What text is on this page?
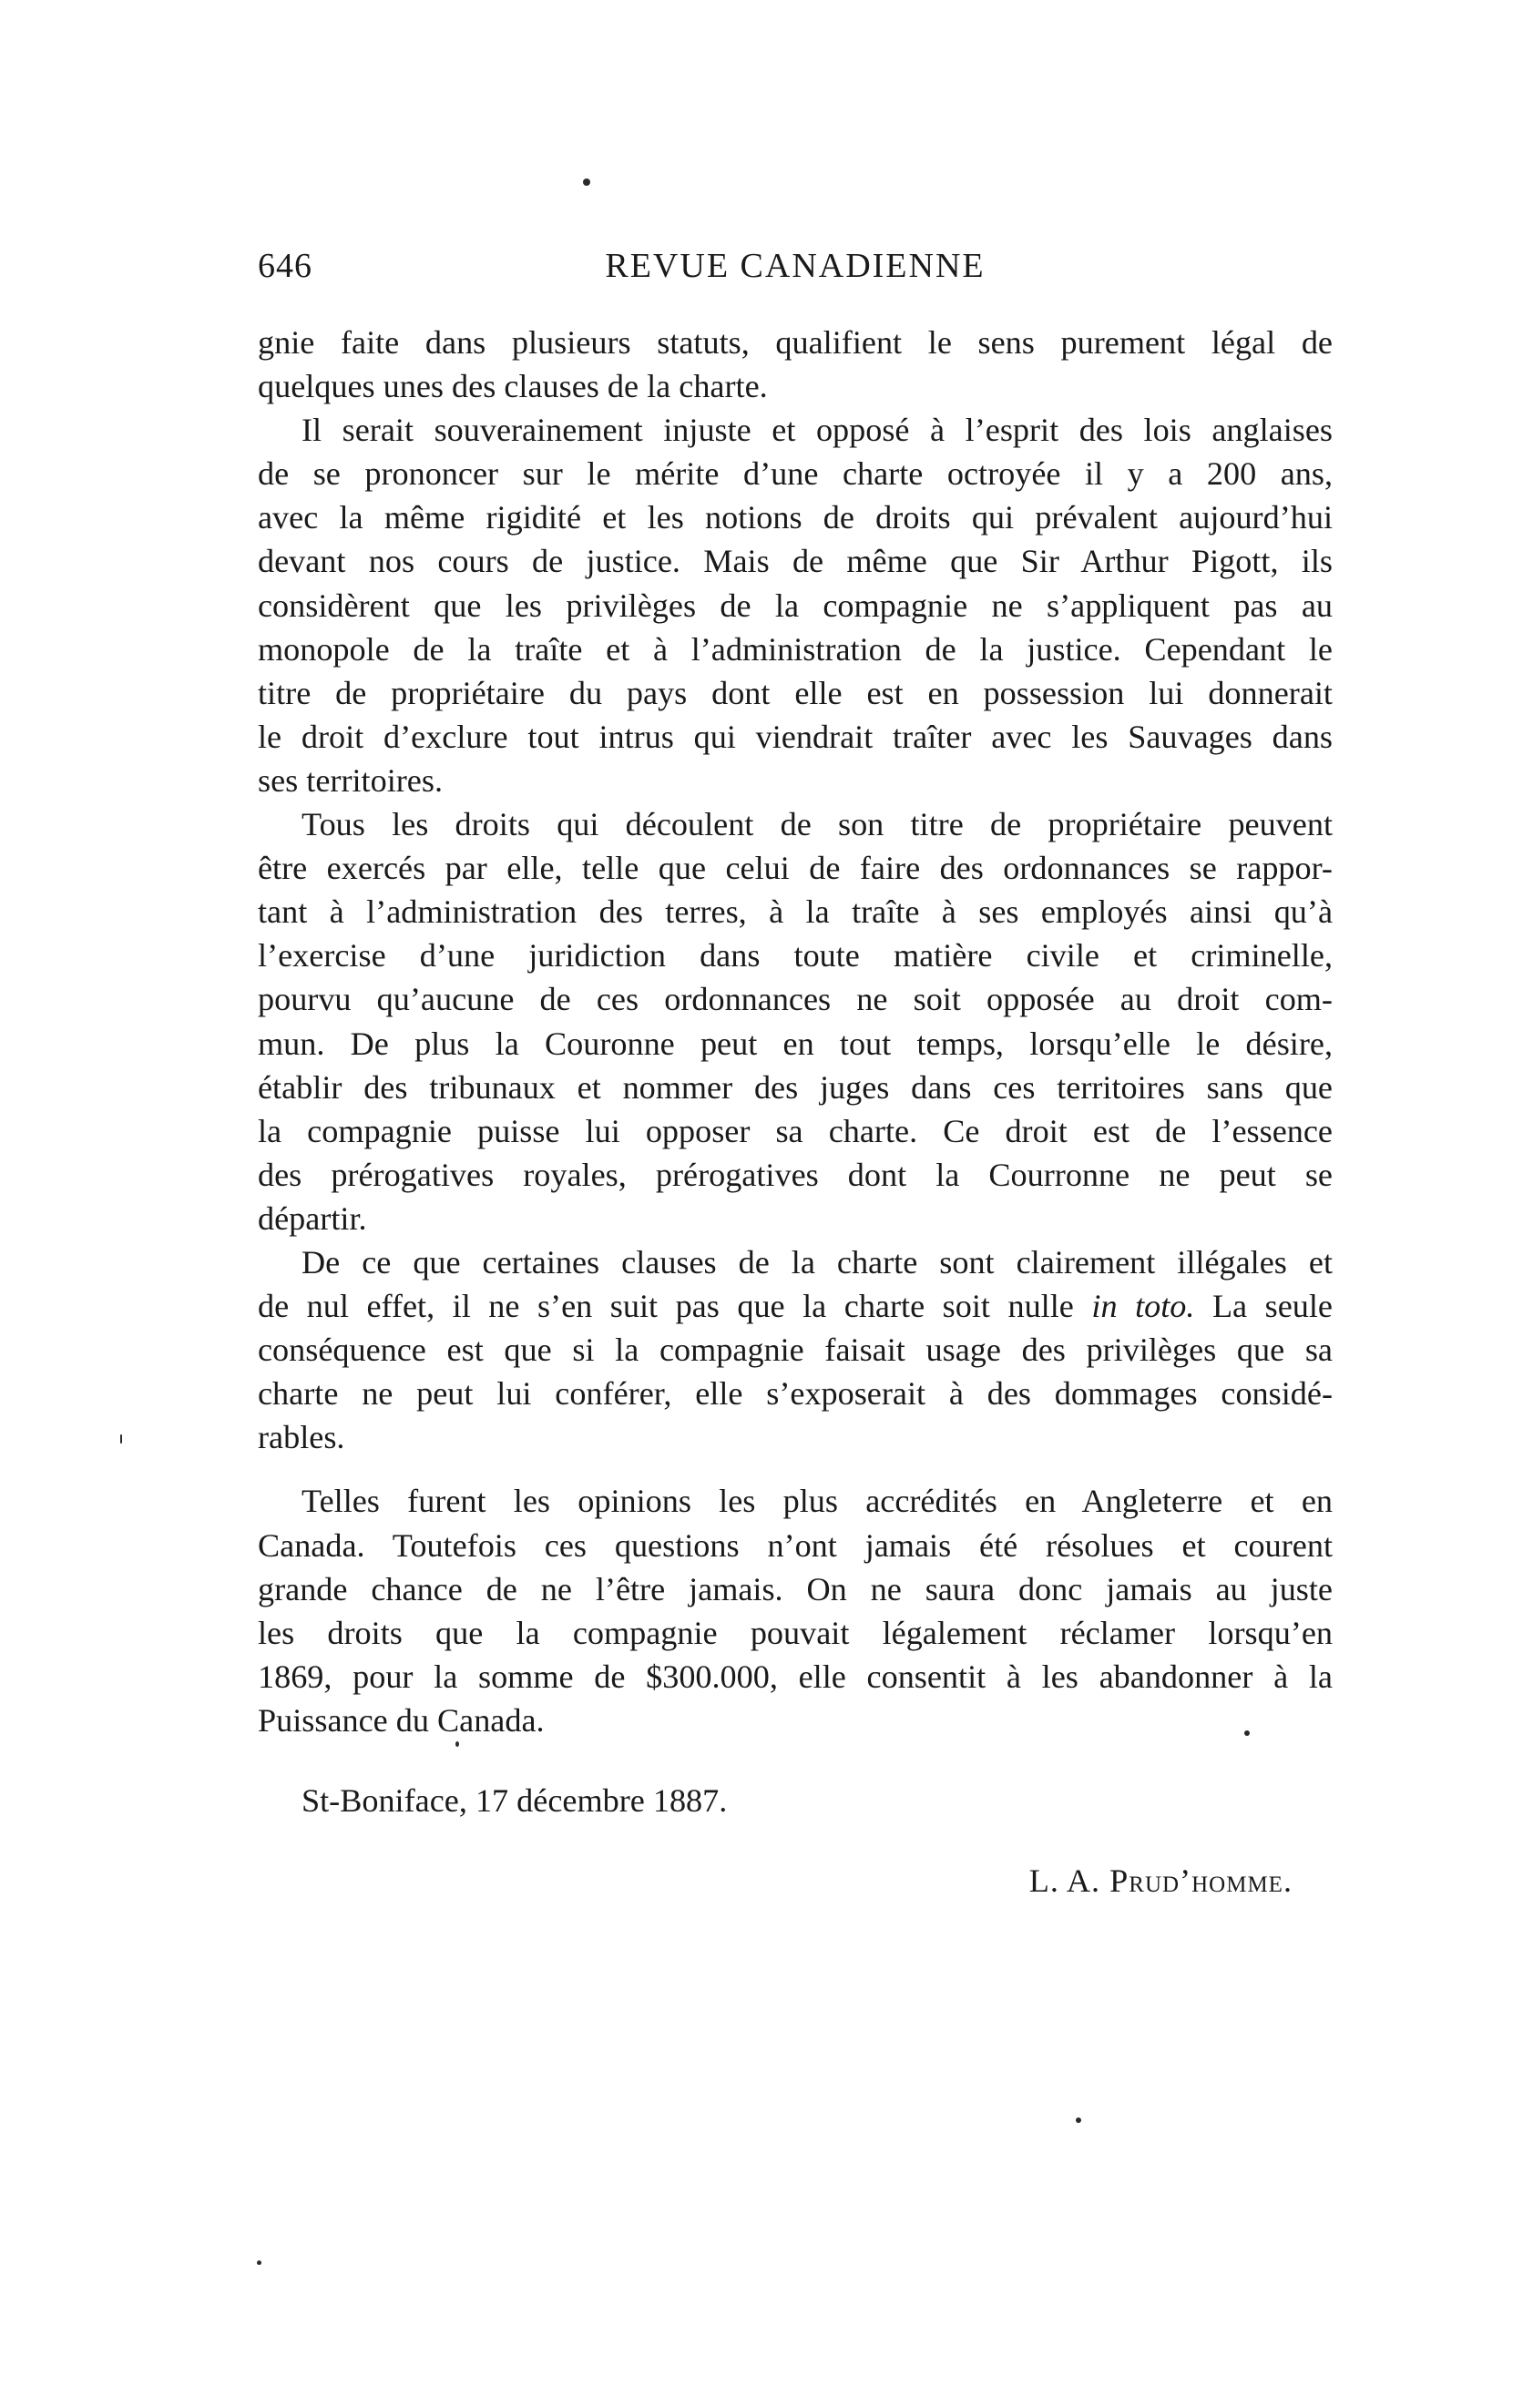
646	REVUE CANADIENNE
gnie faite dans plusieurs statuts, qualifient le sens purement légal de
quelques unes des clauses de la charte.
Il serait souverainement injuste et opposé à l’esprit des lois anglaises
de se prononcer sur le mérite d’une charte octroyée il y a 200 ans,
avec la même rigidité et les notions de droits qui prévalent aujourd’hui
devant nos cours de justice. Mais de même que Sir Arthur Pigott, ils
considèrent que les privilèges de la compagnie ne s’appliquent pas au
monopole de la traîte et à l’administration de la justice. Cependant le
titre de propriétaire du pays dont elle est en possession lui donnerait
le droit d’exclure tout intrus qui viendrait traîter avec les Sauvages dans
ses territoires.
Tous les droits qui découlent de son titre de propriétaire peuvent
être exercés par elle, telle que celui de faire des ordonnances se rappor-
tant à l’administration des terres, à la traîte à ses employés ainsi qu’à
l’exercise d’une juridiction dans toute matière civile et criminelle,
pourvu qu’aucune de ces ordonnances ne soit opposée au droit com-
mun. De plus la Couronne peut en tout temps, lorsqu’elle le désire,
établir des tribunaux et nommer des juges dans ces territoires sans que
la compagnie puisse lui opposer sa charte. Ce droit est de l’essence
des prérogatives royales, prérogatives dont la Courronne ne peut se
départir.
De ce que certaines clauses de la charte sont clairement illégales et
de nul effet, il ne s’en suit pas que la charte soit nulle in toto. La seule
conséquence est que si la compagnie faisait usage des privilèges que sa
charte ne peut lui conférer, elle s’exposerait à des dommages considé-
rables.
Telles furent les opinions les plus accrédités en Angleterre et en
Canada. Toutefois ces questions n’ont jamais été résolues et courent
grande chance de ne l’être jamais. On ne saura donc jamais au juste
les droits que la compagnie pouvait légalement réclamer lorsqu’en
1869, pour la somme de $300.000, elle consentit à les abandonner à la
Puissance du Canada.
St-Boniface, 17 décembre 1887.
L. A. Prud’homme.
